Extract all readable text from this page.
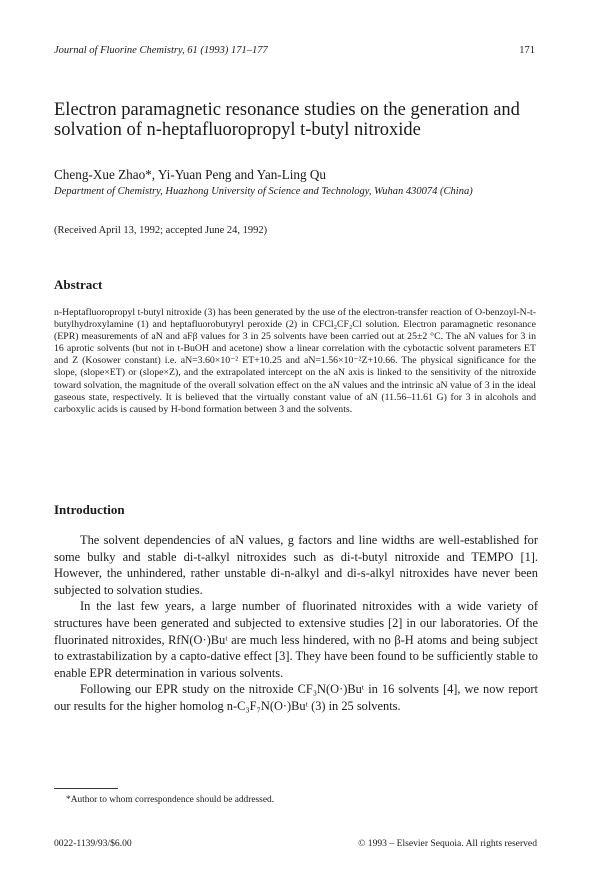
Journal of Fluorine Chemistry, 61 (1993) 171–177	171
Electron paramagnetic resonance studies on the generation and solvation of n-heptafluoropropyl t-butyl nitroxide
Cheng-Xue Zhao*, Yi-Yuan Peng and Yan-Ling Qu
Department of Chemistry, Huazhong University of Science and Technology, Wuhan 430074 (China)
(Received April 13, 1992; accepted June 24, 1992)
Abstract

n-Heptafluoropropyl t-butyl nitroxide (3) has been generated by the use of the electron-transfer reaction of O-benzoyl-N-t-butylhydroxylamine (1) and heptafluorobutyryl peroxide (2) in CFCl₂CF₂Cl solution. Electron paramagnetic resonance (EPR) measurements of aN and aFβ values for 3 in 25 solvents have been carried out at 25±2 °C. The aN values for 3 in 16 aprotic solvents (but not in t-BuOH and acetone) show a linear correlation with the cybotactic solvent parameters ET and Z (Kosower constant) i.e. aN=3.60×10⁻² ET+10.25 and aN=1.56×10⁻²Z+10.66. The physical significance for the slope, (slope×ET) or (slope×Z), and the extrapolated intercept on the aN axis is linked to the sensitivity of the nitroxide toward solvation, the magnitude of the overall solvation effect on the aN values and the intrinsic aN value of 3 in the ideal gaseous state, respectively. It is believed that the virtually constant value of aN (11.56–11.61 G) for 3 in alcohols and carboxylic acids is caused by H-bond formation between 3 and the solvents.

Introduction

The solvent dependencies of aN values, g factors and line widths are well-established for some bulky and stable di-t-alkyl nitroxides such as di-t-butyl nitroxide and TEMPO [1]. However, the unhindered, rather unstable di-n-alkyl and di-s-alkyl nitroxides have never been subjected to solvation studies.

In the last few years, a large number of fluorinated nitroxides with a wide variety of structures have been generated and subjected to extensive studies [2] in our laboratories. Of the fluorinated nitroxides, RfN(O·)Buᵗ are much less hindered, with no β-H atoms and being subject to extrastabilization by a capto-dative effect [3]. They have been found to be sufficiently stable to enable EPR determination in various solvents.

Following our EPR study on the nitroxide CF₃N(O·)Buᵗ in 16 solvents [4], we now report our results for the higher homolog n-C₃F₇N(O·)Buᵗ (3) in 25 solvents.

*Author to whom correspondence should be addressed.
0022-1139/93/$6.00	© 1993 – Elsevier Sequoia. All rights reserved
